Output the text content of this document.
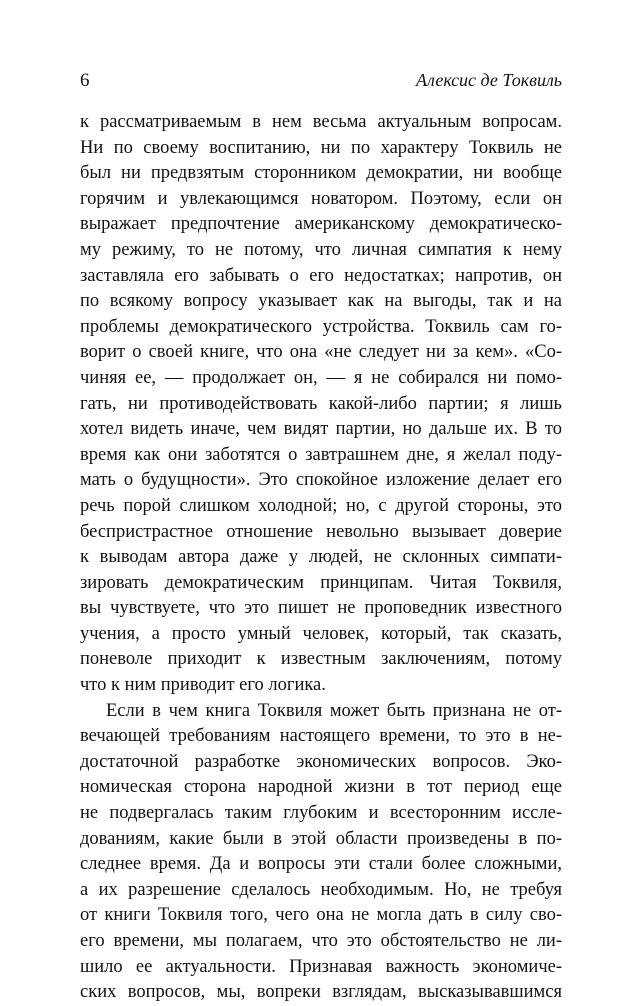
6	Алексис де Токвиль
к рассматриваемым в нем весьма актуальным вопросам.
Ни по своему воспитанию, ни по характеру Токвиль не
был ни предвзятым сторонником демократии, ни вообще
горячим и увлекающимся новатором. Поэтому, если он
выражает предпочтение американскому демократическо-
му режиму, то не потому, что личная симпатия к нему
заставляла его забывать о его недостатках; напротив, он
по всякому вопросу указывает как на выгоды, так и на
проблемы демократического устройства. Токвиль сам го-
ворит о своей книге, что она «не следует ни за кем». «Со-
чиняя ее, — продолжает он, — я не собирался ни помо-
гать, ни противодействовать какой-либо партии; я лишь
хотел видеть иначе, чем видят партии, но дальше их. В то
время как они заботятся о завтрашнем дне, я желал поду-
мать о будущности». Это спокойное изложение делает его
речь порой слишком холодной; но, с другой стороны, это
беспристрастное отношение невольно вызывает доверие
к выводам автора даже у людей, не склонных симпати-
зировать демократическим принципам. Читая Токвиля,
вы чувствуете, что это пишет не проповедник известного
учения, а просто умный человек, который, так сказать,
поневоле приходит к известным заключениям, потому
что к ним приводит его логика.
Если в чем книга Токвиля может быть признана не от-
вечающей требованиям настоящего времени, то это в не-
достаточной разработке экономических вопросов. Эко-
номическая сторона народной жизни в тот период еще
не подвергалась таким глубоким и всесторонним иссле-
дованиям, какие были в этой области произведены в по-
следнее время. Да и вопросы эти стали более сложными,
а их разрешение сделалось необходимым. Но, не требуя
от книги Токвиля того, чего она не могла дать в силу сво-
его времени, мы полагаем, что это обстоятельство не ли-
шило ее актуальности. Признавая важность экономиче-
ских вопросов, мы, вопреки взглядам, высказывавшимся
